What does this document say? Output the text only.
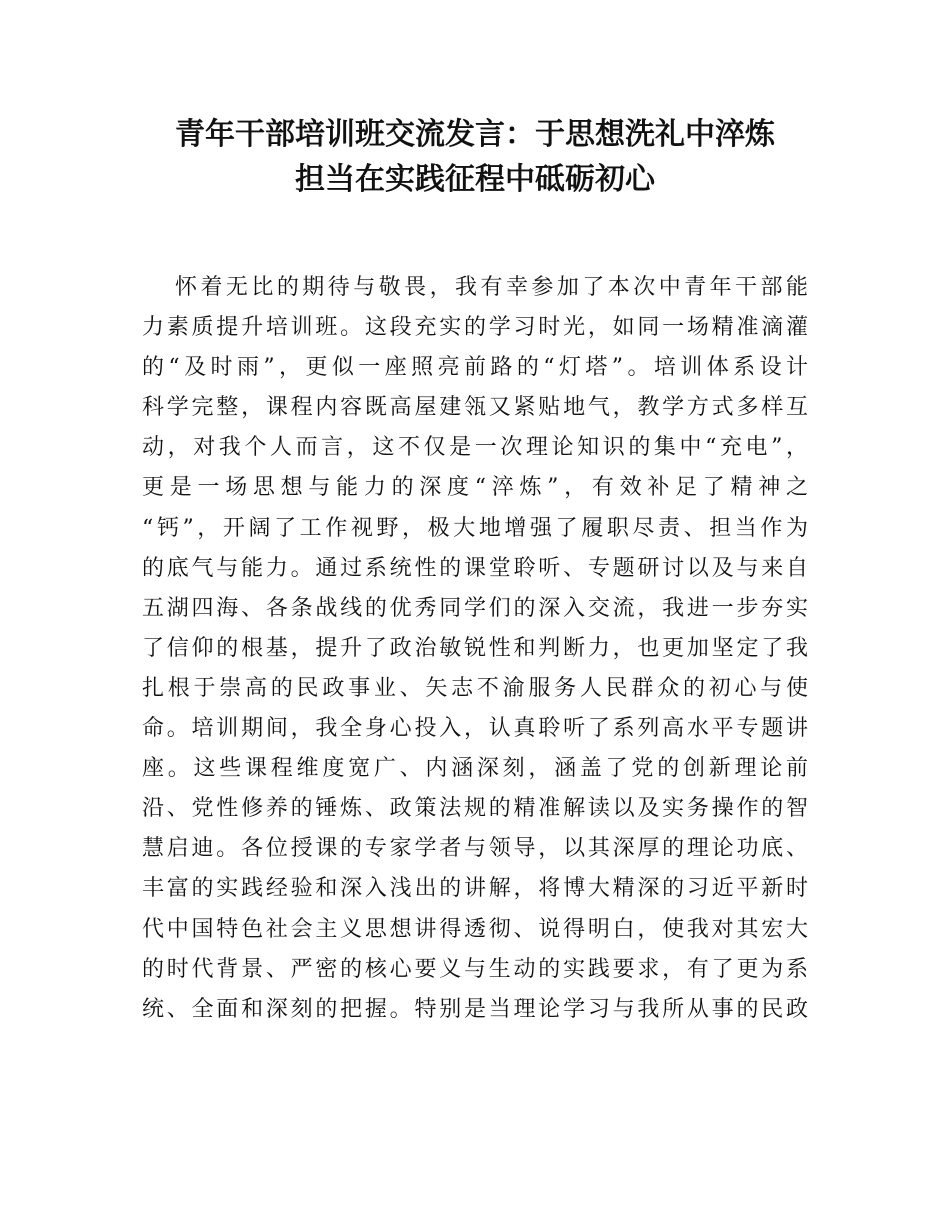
青年干部培训班交流发言：于思想洗礼中淬炼
担当在实践征程中砥砺初心
怀着无比的期待与敬畏，我有幸参加了本次中青年干部能
力素质提升培训班。这段充实的学习时光，如同一场精准滴灌
的“及时雨”，更似一座照亮前路的“灯塔”。培训体系设计
科学完整，课程内容既高屋建瓴又紧贴地气，教学方式多样互
动，对我个人而言，这不仅是一次理论知识的集中“充电”，
更是一场思想与能力的深度“淬炼”，有效补足了精神之
“钙”，开阔了工作视野，极大地增强了履职尽责、担当作为
的底气与能力。通过系统性的课堂聆听、专题研讨以及与来自
五湖四海、各条战线的优秀同学们的深入交流，我进一步夯实
了信仰的根基，提升了政治敏锐性和判断力，也更加坚定了我
扎根于崇高的民政事业、矢志不渝服务人民群众的初心与使
命。培训期间，我全身心投入，认真聆听了系列高水平专题讲
座。这些课程维度宽广、内涵深刻，涵盖了党的创新理论前
沿、党性修养的锤炼、政策法规的精准解读以及实务操作的智
慧启迪。各位授课的专家学者与领导，以其深厚的理论功底、
丰富的实践经验和深入浅出的讲解，将博大精深的习近平新时
代中国特色社会主义思想讲得透彻、说得明白，使我对其宏大
的时代背景、严密的核心要义与生动的实践要求，有了更为系
统、全面和深刻的把握。特别是当理论学习与我所从事的民政
